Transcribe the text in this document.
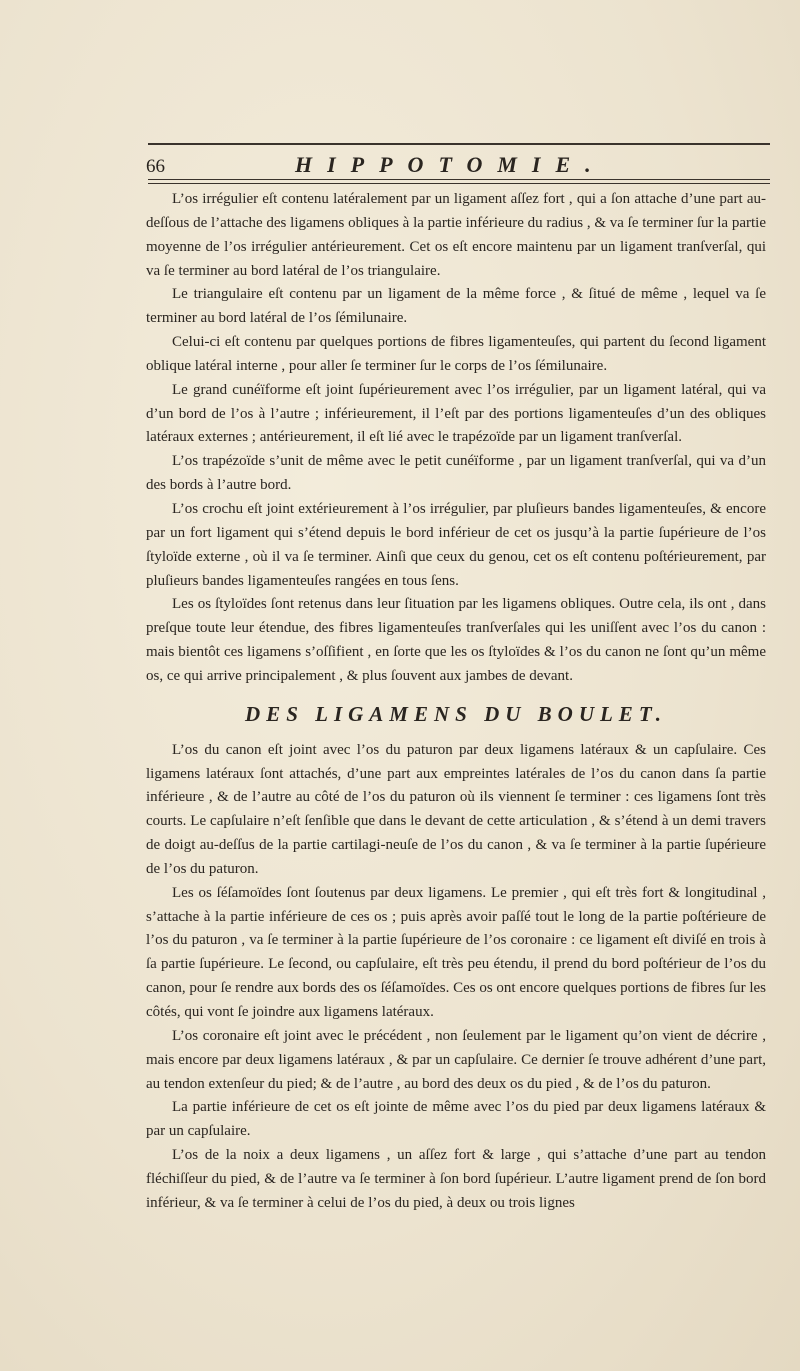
66	HIPPOTOMIE.

L’os irrégulier eſt contenu latéralement par un ligament aſſez fort , qui a ſon attache d’une part au-deſſous de l’attache des ligamens obliques à la partie inférieure du radius , & va ſe terminer ſur la partie moyenne de l’os irrégulier antérieurement. Cet os eſt encore maintenu par un ligament tranſverſal, qui va ſe terminer au bord latéral de l’os triangulaire.

Le triangulaire eſt contenu par un ligament de la même force , & ſitué de même , lequel va ſe terminer au bord latéral de l’os ſémilunaire.

Celui-ci eſt contenu par quelques portions de fibres ligamenteuſes, qui partent du ſecond ligament oblique latéral interne , pour aller ſe terminer ſur le corps de l’os ſémilunaire.

Le grand cunéïforme eſt joint ſupérieurement avec l’os irrégulier, par un ligament latéral, qui va d’un bord de l’os à l’autre ; inférieurement, il l’eſt par des portions ligamenteuſes d’un des obliques latéraux externes ; antérieurement, il eſt lié avec le trapézoïde par un ligament tranſverſal.

L’os trapézoïde s’unit de même avec le petit cunéïforme , par un ligament tranſverſal, qui va d’un des bords à l’autre bord.

L’os crochu eſt joint extérieurement à l’os irrégulier, par pluſieurs bandes ligamenteuſes, & encore par un fort ligament qui s’étend depuis le bord inférieur de cet os jusqu’à la partie ſupérieure de l’os ſtyloïde externe , où il va ſe terminer. Ainſi que ceux du genou, cet os eſt contenu poſtérieurement, par pluſieurs bandes ligamenteuſes rangées en tous ſens.

Les os ſtyloïdes ſont retenus dans leur ſituation par les ligamens obliques. Outre cela, ils ont , dans preſque toute leur étendue, des fibres ligamenteuſes tranſverſales qui les uniſſent avec l’os du canon : mais bientôt ces ligamens s’oſſifient , en ſorte que les os ſtyloïdes & l’os du canon ne ſont qu’un même os, ce qui arrive principalement , & plus ſouvent aux jambes de devant.

DES LIGAMENS DU BOULET.

L’os du canon eſt joint avec l’os du paturon par deux ligamens latéraux & un capſulaire. Ces ligamens latéraux ſont attachés, d’une part aux empreintes latérales de l’os du canon dans ſa partie inférieure , & de l’autre au côté de l’os du paturon où ils viennent ſe terminer : ces ligamens ſont très courts. Le capſulaire n’eſt ſenſible que dans le devant de cette articulation , & s’étend à un demi travers de doigt au-deſſus de la partie cartilagi-neuſe de l’os du canon , & va ſe terminer à la partie ſupérieure de l’os du paturon.

Les os ſéſamoïdes ſont ſoutenus par deux ligamens. Le premier , qui eſt très fort & longitudinal , s’attache à la partie inférieure de ces os ; puis après avoir paſſé tout le long de la partie poſtérieure de l’os du paturon , va ſe terminer à la partie ſupérieure de l’os coronaire : ce ligament eſt diviſé en trois à ſa partie ſupérieure. Le ſecond, ou capſulaire, eſt très peu étendu, il prend du bord poſtérieur de l’os du canon, pour ſe rendre aux bords des os ſéſamoïdes. Ces os ont encore quelques portions de fibres ſur les côtés, qui vont ſe joindre aux ligamens latéraux.

L’os coronaire eſt joint avec le précédent , non ſeulement par le ligament qu’on vient de décrire , mais encore par deux ligamens latéraux , & par un capſulaire. Ce dernier ſe trouve adhérent d’une part, au tendon extenſeur du pied; & de l’autre , au bord des deux os du pied , & de l’os du paturon.

La partie inférieure de cet os eſt jointe de même avec l’os du pied par deux ligamens latéraux & par un capſulaire.

L’os de la noix a deux ligamens , un aſſez fort & large , qui s’attache d’une part au tendon fléchiſſeur du pied, & de l’autre va ſe terminer à ſon bord ſupérieur. L’autre ligament prend de ſon bord inférieur, & va ſe terminer à celui de l’os du pied, à deux ou trois lignes
